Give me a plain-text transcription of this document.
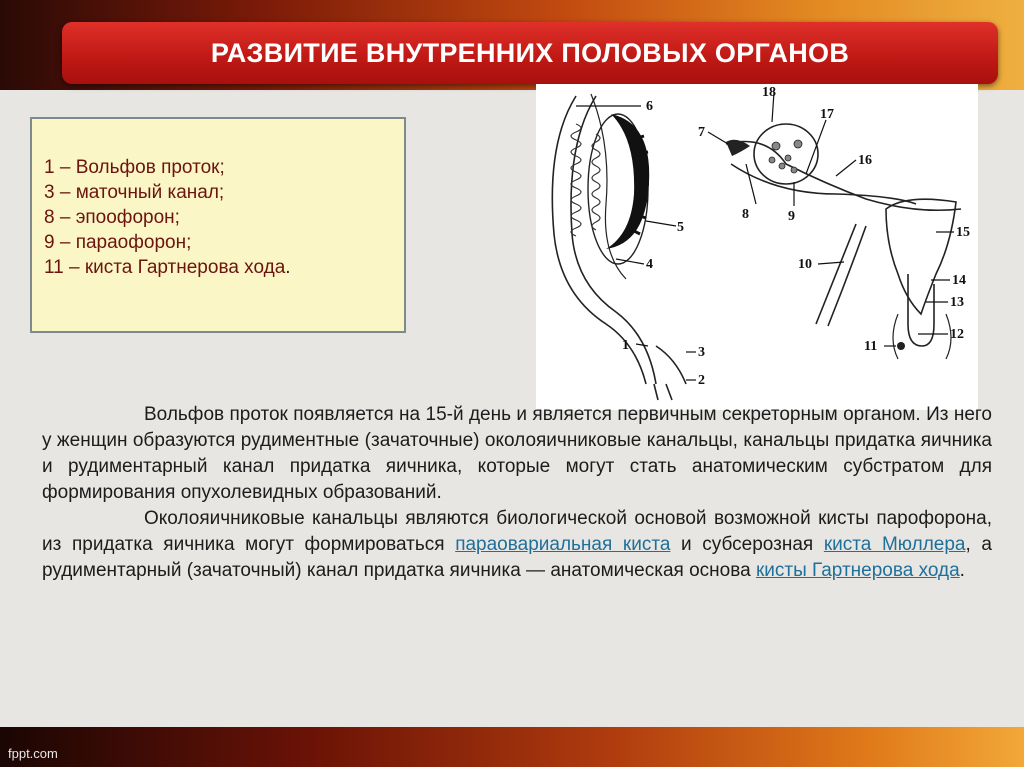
РАЗВИТИЕ ВНУТРЕННИХ ПОЛОВЫХ ОРГАНОВ
1 – Вольфов проток;
3 – маточный канал;
8 – эпоофорон;
9 – параофорон;
11 – киста Гартнерова хода.
6
5
4
1	3
2
7
8	9
18
17
16
10
15
14
13
12
11

Вольфов проток появляется на 15-й день и является первичным секреторным органом. Из него у женщин образуются рудиментные (зачаточные) околояичниковые канальцы, канальцы придатка яичника и рудиментарный канал придатка яичника, которые могут стать анатомическим субстратом для формирования опухолевидных образований.

Околояичниковые канальцы являются биологической основой возможной кисты парофорона, из придатка яичника могут формироваться параовариальная киста и субсерозная киста Мюллера, а рудиментарный (зачаточный) канал придатка яичника — анатомическая основа кисты Гартнерова хода.

fppt.com
